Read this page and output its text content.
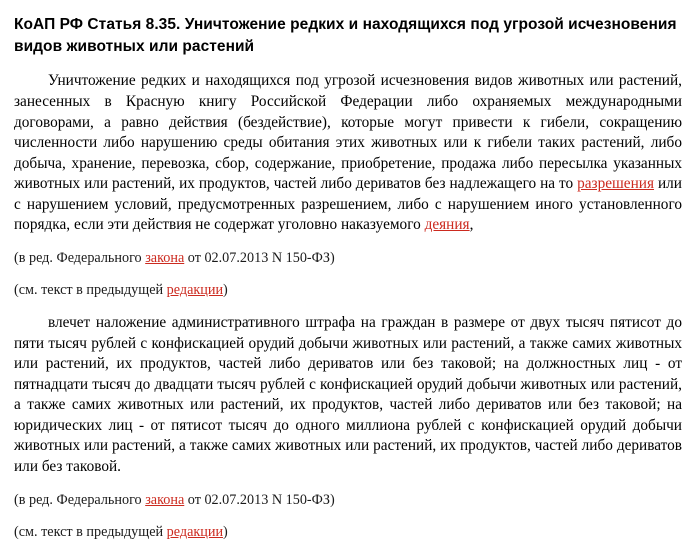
КоАП РФ Статья 8.35. Уничтожение редких и находящихся под угрозой исчезновения видов животных или растений

Уничтожение редких и находящихся под угрозой исчезновения видов животных или растений, занесенных в Красную книгу Российской Федерации либо охраняемых международными договорами, а равно действия (бездействие), которые могут привести к гибели, сокращению численности либо нарушению среды обитания этих животных или к гибели таких растений, либо добыча, хранение, перевозка, сбор, содержание, приобретение, продажа либо пересылка указанных животных или растений, их продуктов, частей либо дериватов без надлежащего на то разрешения или с нарушением условий, предусмотренных разрешением, либо с нарушением иного установленного порядка, если эти действия не содержат уголовно наказуемого деяния,

(в ред. Федерального закона от 02.07.2013 N 150-ФЗ)

(см. текст в предыдущей редакции)

влечет наложение административного штрафа на граждан в размере от двух тысяч пятисот до пяти тысяч рублей с конфискацией орудий добычи животных или растений, а также самих животных или растений, их продуктов, частей либо дериватов или без таковой; на должностных лиц - от пятнадцати тысяч до двадцати тысяч рублей с конфискацией орудий добычи животных или растений, а также самих животных или растений, их продуктов, частей либо дериватов или без таковой; на юридических лиц - от пятисот тысяч до одного миллиона рублей с конфискацией орудий добычи животных или растений, а также самих животных или растений, их продуктов, частей либо дериватов или без таковой.

(в ред. Федерального закона от 02.07.2013 N 150-ФЗ)

(см. текст в предыдущей редакции)
